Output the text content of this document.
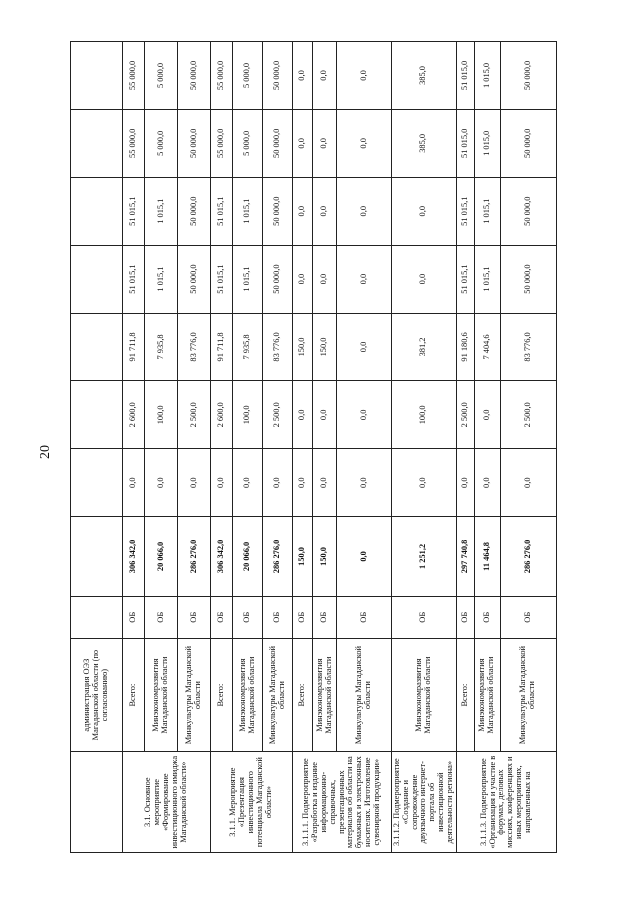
20
	администрация ОЭЗ Магаданской области (по согласованию)									
3.1. Основное мероприятие «Формирование инвестиционного имиджа Магаданской области»	Всего:	ОБ	306 342,0	0,0	2 600,0	91 711,8	51 015,1	51 015,1	55 000,0	55 000,0
	Минэкономразвития Магаданской области	ОБ	20 066,0	0,0	100,0	7 935,8	1 015,1	1 015,1	5 000,0	5 000,0
	Минкультуры Магаданской области	ОБ	286 276,0	0,0	2 500,0	83 776,0	50 000,0	50 000,0	50 000,0	50 000,0
3.1.1. Мероприятие «Презентация инвестиционного потенциала Магаданской области»	Всего:	ОБ	306 342,0	0,0	2 600,0	91 711,8	51 015,1	51 015,1	55 000,0	55 000,0
	Минэкономразвития Магаданской области	ОБ	20 066,0	0,0	100,0	7 935,8	1 015,1	1 015,1	5 000,0	5 000,0
	Минкультуры Магаданской области	ОБ	286 276,0	0,0	2 500,0	83 776,0	50 000,0	50 000,0	50 000,0	50 000,0
3.1.1.1. Подмероприятие «Разработка и издание информационно-справочных, презентационных материалов об области на бумажных и электронных носителях. Изготовление сувенирной продукции»	Всего:	ОБ	150,0	0,0	0,0	150,0	0,0	0,0	0,0	0,0
	Минэкономразвития Магаданской области	ОБ	150,0	0,0	0,0	150,0	0,0	0,0	0,0	0,0
	Минкультуры Магаданской области	ОБ	0,0	0,0	0,0	0,0	0,0	0,0	0,0	0,0
3.1.1.2. Подмероприятие «Создание и сопровождение двуязычного интернет-портала об инвестиционной деятельности региона»	Минэкономразвития Магаданской области	ОБ	1 251,2	0,0	100,0	381,2	0,0	0,0	385,0	385,0
3.1.1.3. Подмероприятие «Организация и участие в форумах, деловых миссиях, конференциях и иных мероприятиях, направленных на	Всего:	ОБ	297 740,8	0,0	2 500,0	91 180,6	51 015,1	51 015,1	51 015,0	51 015,0
	Минэкономразвития Магаданской области	ОБ	11 464,8	0,0	0,0	7 404,6	1 015,1	1 015,1	1 015,0	1 015,0
	Минкультуры Магаданской области	ОБ	286 276,0	0,0	2 500,0	83 776,0	50 000,0	50 000,0	50 000,0	50 000,0
